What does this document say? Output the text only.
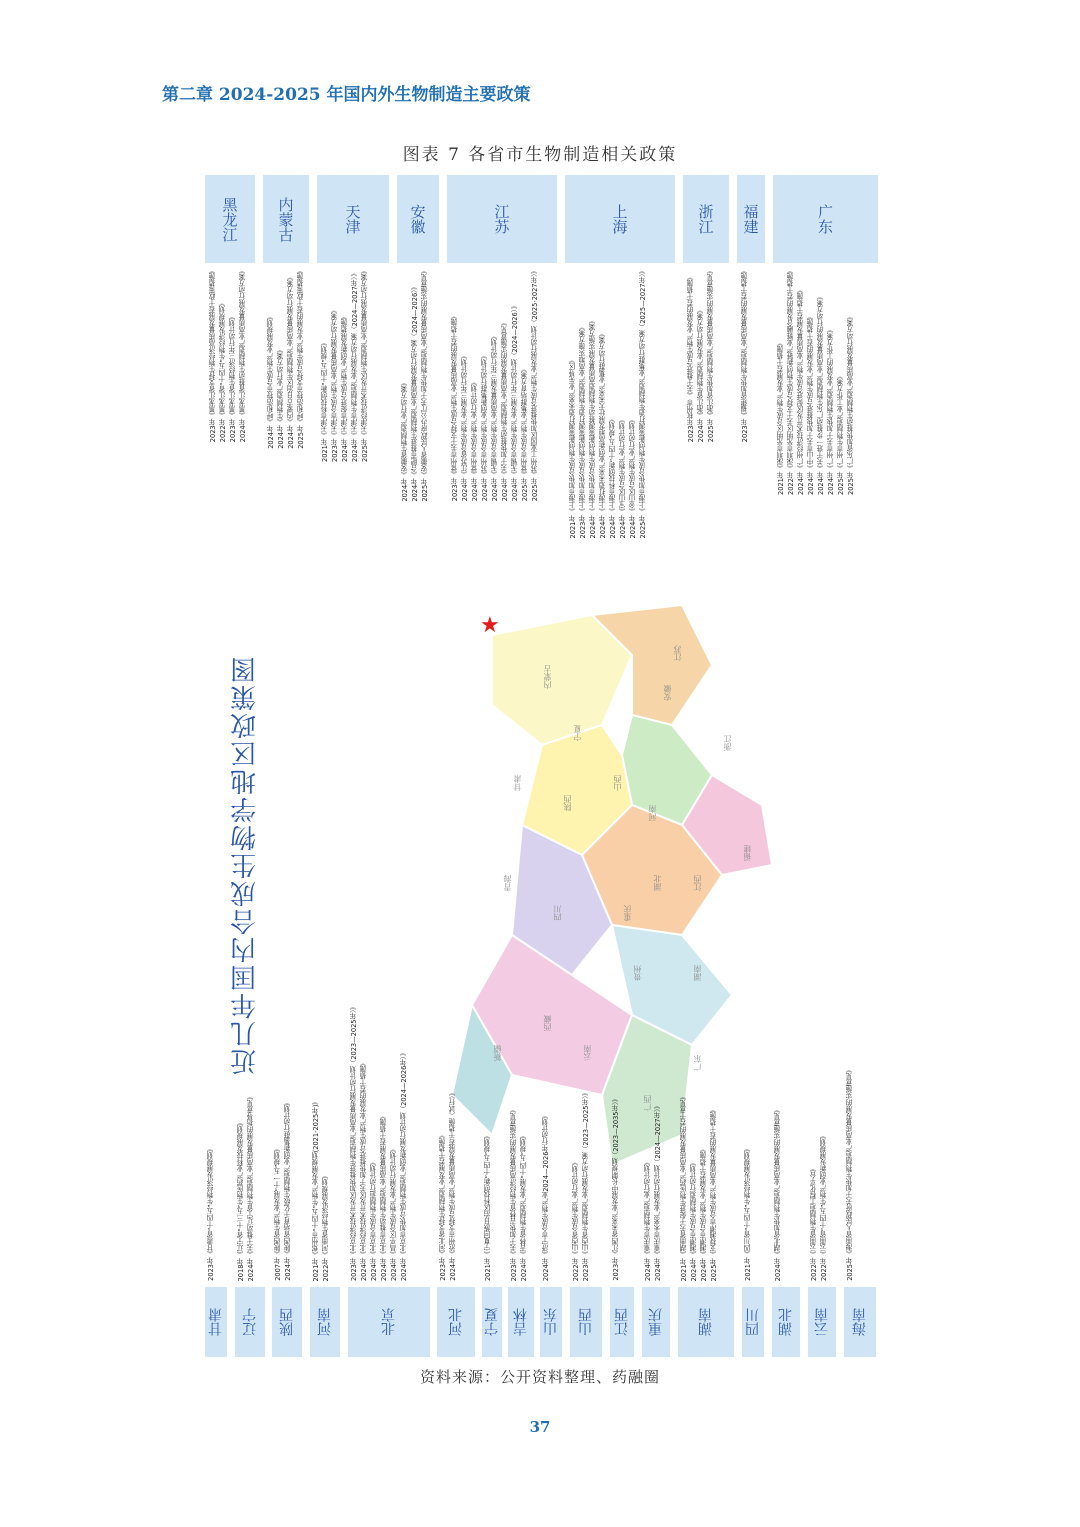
第二章 2024-2025 年国内外生物制造主要政策
图表 7 各省市生物制造相关政策
内蒙古
陕西
山西
河南
湖北
湖南
安徽
江苏
浙江
江西
福建
广东
重庆
四川
甘肃
宁夏
新疆
西藏
青海
贵州
云南
广西
★
近几年国内合成生物学地区政策图
黑龙江
2023年《黑龙江省支持生物经济高质量发展若干政策措施》 2022年《黑龙江省“十四五”生物经济发展规划》 2023年《黑龙江省生物经济三年行动计划》 2024年《黑龙江省推动生物制造产业高质量发展行动方案》
内蒙古
2024年《呼和浩特市合成生物产业发展规划》 2024年《生物制造产业行动方案》 2024年《内蒙古自治区生物制造产业高质量发展行动方案》 2025年《呼和浩特市支持合成生物产业发展的若干政策措施》
天津
2021年《天津市科技创新“十四五”规划》 2023年《天津市合成生物产业高质量发展行动方案》 2024年《天津市促进合成生物产业创新发展措施》 2024年《天津市生物制造产业发展行动方案（2024—2027年）》 2025年《天津经济技术开发区生物制造产业高质量发展行动方案》
安徽
2024年《安徽省生物制造产业行动方案》 2024年《合肥市推进生物制造产业高质量发展行动方案（2024—2026）》 2025年《安徽省人民政府办公厅关于加快生物制造产业高质量发展的实施意见》
江苏
2023年《常州市关于支持合成生物产业高质量发展的若干措施》 2024年《江苏省合成生物产业发展三年行动计划》 2024年《常州市合成生物产业行动计划》 2024年《苏州市合成生物产业创新集群行动计划》 2024年《无锡市合成生物产业高质量发展三年行动计划》 2024年《关于加快推动生物制造产业高质量发展的实施意见》 2024年《无锡市合成生物产业发展三年行动计划（2024—2026）》 2025年《常州市合成生物产业集群培育方案》 2025年《苏州工业园区加快推进合成生物产业发展行动计划（2025-2027年）》
上海
2021年《上海市加快合成生物创新策源打造未来产业先导区》 2023年《上海市加快合成生物创新策源打造生物制造产业高地实施方案》 2024年《上海市加快合成生物创新策源推动生物制造高质量发展实施方案》 2024年《上海打造未来产业创新高地发展壮大未来产业集群行动方案》 2024年《上海市科技创新“十四五”规划》 2024年《宝山区合成生物产业行动计划》 2024年《金山区合成生物产业行动计划》 2025年《上海市加快合成生物创新策源打造生物制造产业集群行动方案（2025—2027年）》
浙江
2023年杭州市《关于推进合成生物产业发展的若干措施》 2024年《浙江省生物制造产业发展行动方案》 2025年《浙江省加快生物制造产业高质量发展的实施意见》
福建
2023年《福建省加快生物制造产业高质量发展的若干措施》
广东
2021年《深圳市光明区合成生物产业发展若干措施》 2022年《深圳市光明区关于支持合成生物创新链产业链融合发展的若干措施》 2024年《广州经济技术开发区促进合成生物产业高质量发展若干措施》 2024年《中山市关于加快推进合成生物产业发展的若干措施》 2024年《关于进一步推动广东生物制造产业高质量发展的行动方案》 2024年《广州市关于加快生物制造产业发展的工作方案》 2025年《广州市生物制造产业工作方案》 2025年《广东省加快推动生物制造产业高质量发展行动方案》
甘肃
2023年《甘肃省“十四五”生物经济发展规划》
辽宁
2018年《辽宁省“十三五”生物医药产业科技发展规划》 2024年《关于推动辽宁省生物制造产业高质量发展的指导意见》
陕西
2007年《陕西省生物产业发展“十一五”规划》 2024年《陕西省培育千亿级生物制造产业创新集群行动计划》
河南
2021年《郑州市“十四五”生物产业发展规划(2021-2025年)》 2022年《河南省生物经济发展规划》
北京
2023年《北京经济技术开发区加快推进生物制造产业高质量发展行动计划（2023—2025年）》 2024年《北京经济技术开发区关于加快推进合成生物产业发展的若干措施》 2024年《北京市合成生物制造行动计划》 2024年《北京市推动生物制造产业高质量发展若干措施》 2024年《昌平区合成生物产业发展行动计划》 2024年《北京市加快合成生物制造产业创新发展行动计划（2024—2026年）》
河北
2023年《河北省支持生物制造产业发展若干措施》 2024年《沧州市支持合成生物产业高质量发展若干措施（试行）》
宁夏
2021年《宁夏回族自治区科技创新“十四五”规划》
吉林
2023年《关于加快吉林省生物经济高质量发展的实施意见》 2024年《吉林省生物制造产业发展“十四五”规划》
山东
2024年《济宁市合成生物产业2024—2026年行动计划》
山西
2022年《山西省合成生物产业行动计划》 2023年《山西省生物制造产业发展行动方案（2023—2025年）》
江西
2023年《江西省未来产业发展中长期规划（2023—2035年）》
重庆
2024年《重庆市生物制造产业行动计划》 2024年《重庆市未来产业发展行动计划（2024—2027年）》
湖南
2021年《湖南省关于促进生物医药产业高质量发展的若干意见》 2024年《湘潭市合成生物制造行动计划》 2024年《湘潭市合成生物产业发展若干措施》 2025年《支持湘潭市合成生物产业高质量发展的若干措施》
四川
2021年《四川省“十四五”生物经济发展规划》
湖北
2024年《湖北省加快生物制造产业高质量发展的实施意见》
云南
2022年《云南省生物制造工程化平台》 2022年《云南省“十四五”生物产业创新发展规划》
海南
2025年《海南省人民政府关于加快生物制造产业高质量发展的实施意见》
资料来源：公开资料整理、药融圈
37
